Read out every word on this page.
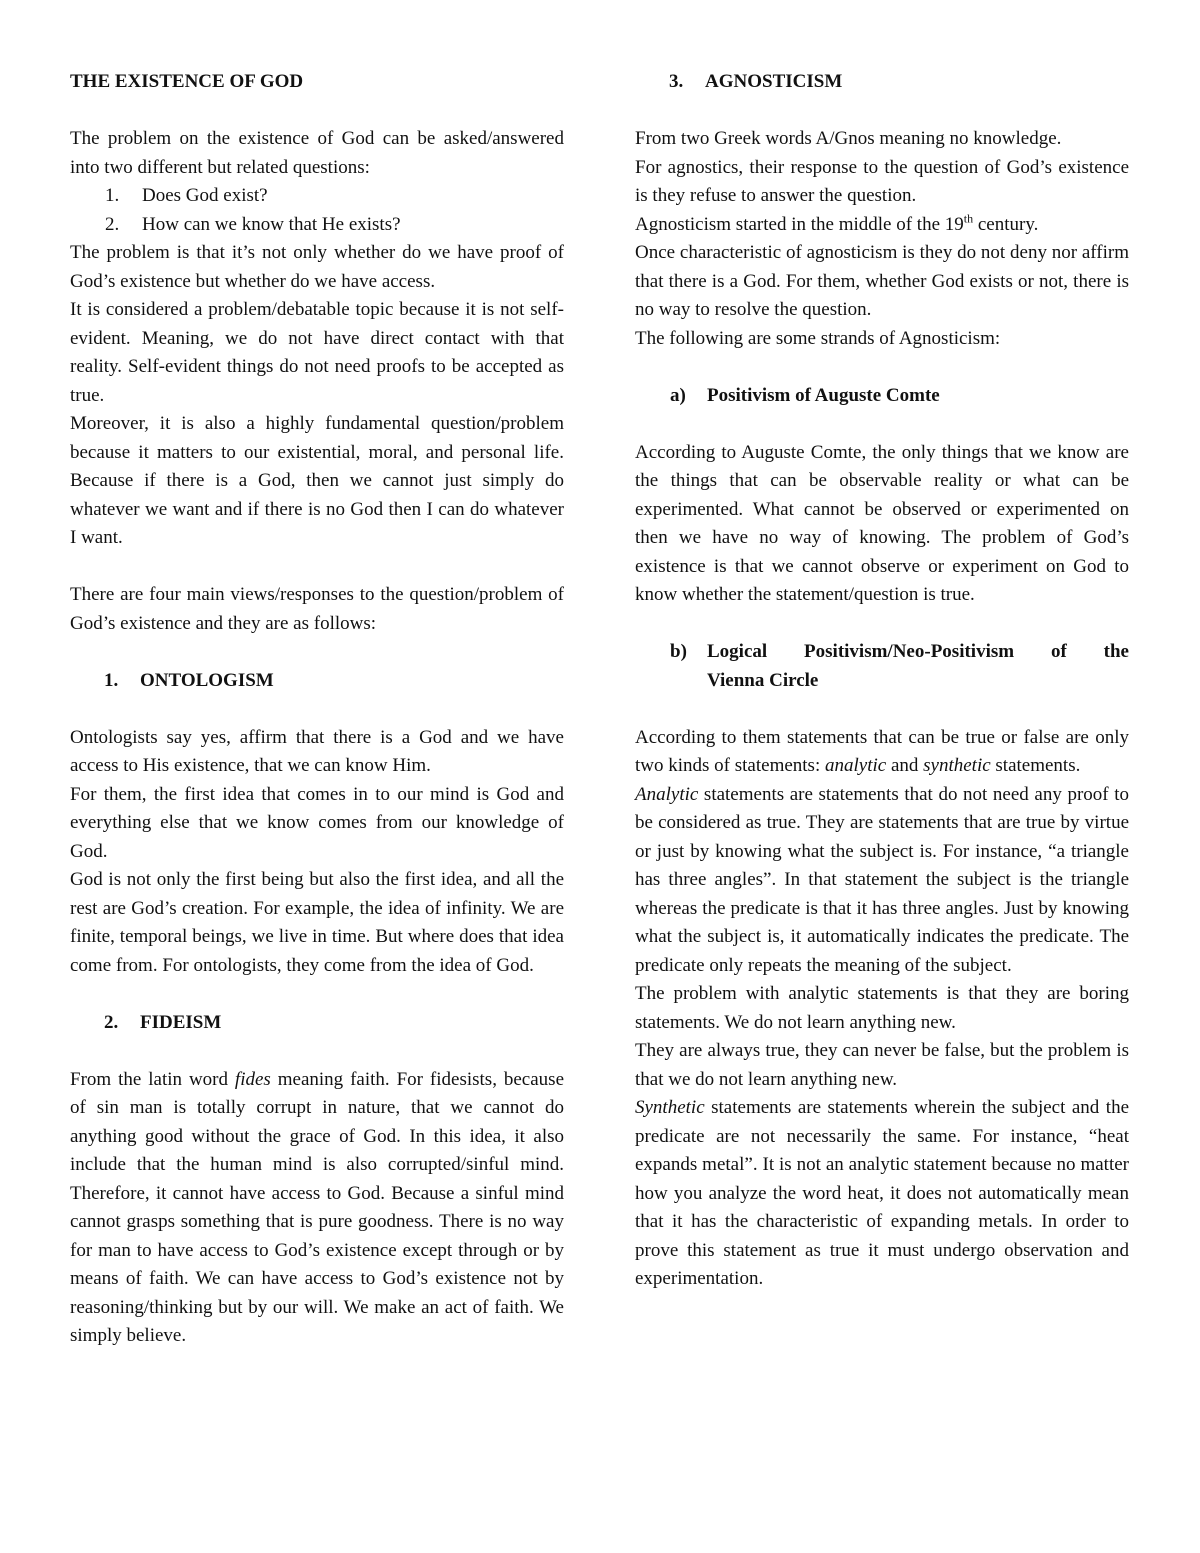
THE EXISTENCE OF GOD

The problem on the existence of God can be asked/answered into two different but related questions:

1.	Does God exist?
2.	How can we know that He exists?

The problem is that it’s not only whether do we have proof of God’s existence but whether do we have access.

It is considered a problem/debatable topic because it is not self-evident. Meaning, we do not have direct contact with that reality. Self-evident things do not need proofs to be accepted as true.

Moreover, it is also a highly fundamental question/problem because it matters to our existential, moral, and personal life. Because if there is a God, then we cannot just simply do whatever we want and if there is no God then I can do whatever I want.

There are four main views/responses to the question/problem of God’s existence and they are as follows:

1.	ONTOLOGISM

Ontologists say yes, affirm that there is a God and we have access to His existence, that we can know Him.

For them, the first idea that comes in to our mind is God and everything else that we know comes from our knowledge of God.

God is not only the first being but also the first idea, and all the rest are God’s creation. For example, the idea of infinity. We are finite, temporal beings, we live in time. But where does that idea come from. For ontologists, they come from the idea of God.

2.	FIDEISM

From the latin word fides meaning faith. For fidesists, because of sin man is totally corrupt in nature, that we cannot do anything good without the grace of God. In this idea, it also include that the human mind is also corrupted/sinful mind. Therefore, it cannot have access to God. Because a sinful mind cannot grasps something that is pure goodness. There is no way for man to have access to God’s existence except through or by means of faith. We can have access to God’s existence not by reasoning/thinking but by our will. We make an act of faith. We simply believe.

3.	AGNOSTICISM

From two Greek words A/Gnos meaning no knowledge.

For agnostics, their response to the question of God’s existence is they refuse to answer the question.

Agnosticism started in the middle of the 19th century.

Once characteristic of agnosticism is they do not deny nor affirm that there is a God. For them, whether God exists or not, there is no way to resolve the question.

The following are some strands of Agnosticism:

a)	Positivism of Auguste Comte

According to Auguste Comte, the only things that we know are the things that can be observable reality or what can be experimented. What cannot be observed or experimented on then we have no way of knowing. The problem of God’s existence is that we cannot observe or experiment on God to know whether the statement/question is true.

b)	Logical Positivism/Neo-Positivism of the
Vienna Circle

According to them statements that can be true or false are only two kinds of statements: analytic and synthetic statements.

Analytic statements are statements that do not need any proof to be considered as true. They are statements that are true by virtue or just by knowing what the subject is. For instance, “a triangle has three angles”. In that statement the subject is the triangle whereas the predicate is that it has three angles. Just by knowing what the subject is, it automatically indicates the predicate. The predicate only repeats the meaning of the subject.

The problem with analytic statements is that they are boring statements. We do not learn anything new.

They are always true, they can never be false, but the problem is that we do not learn anything new.

Synthetic statements are statements wherein the subject and the predicate are not necessarily the same. For instance, “heat expands metal”. It is not an analytic statement because no matter how you analyze the word heat, it does not automatically mean that it has the characteristic of expanding metals. In order to prove this statement as true it must undergo observation and experimentation.
